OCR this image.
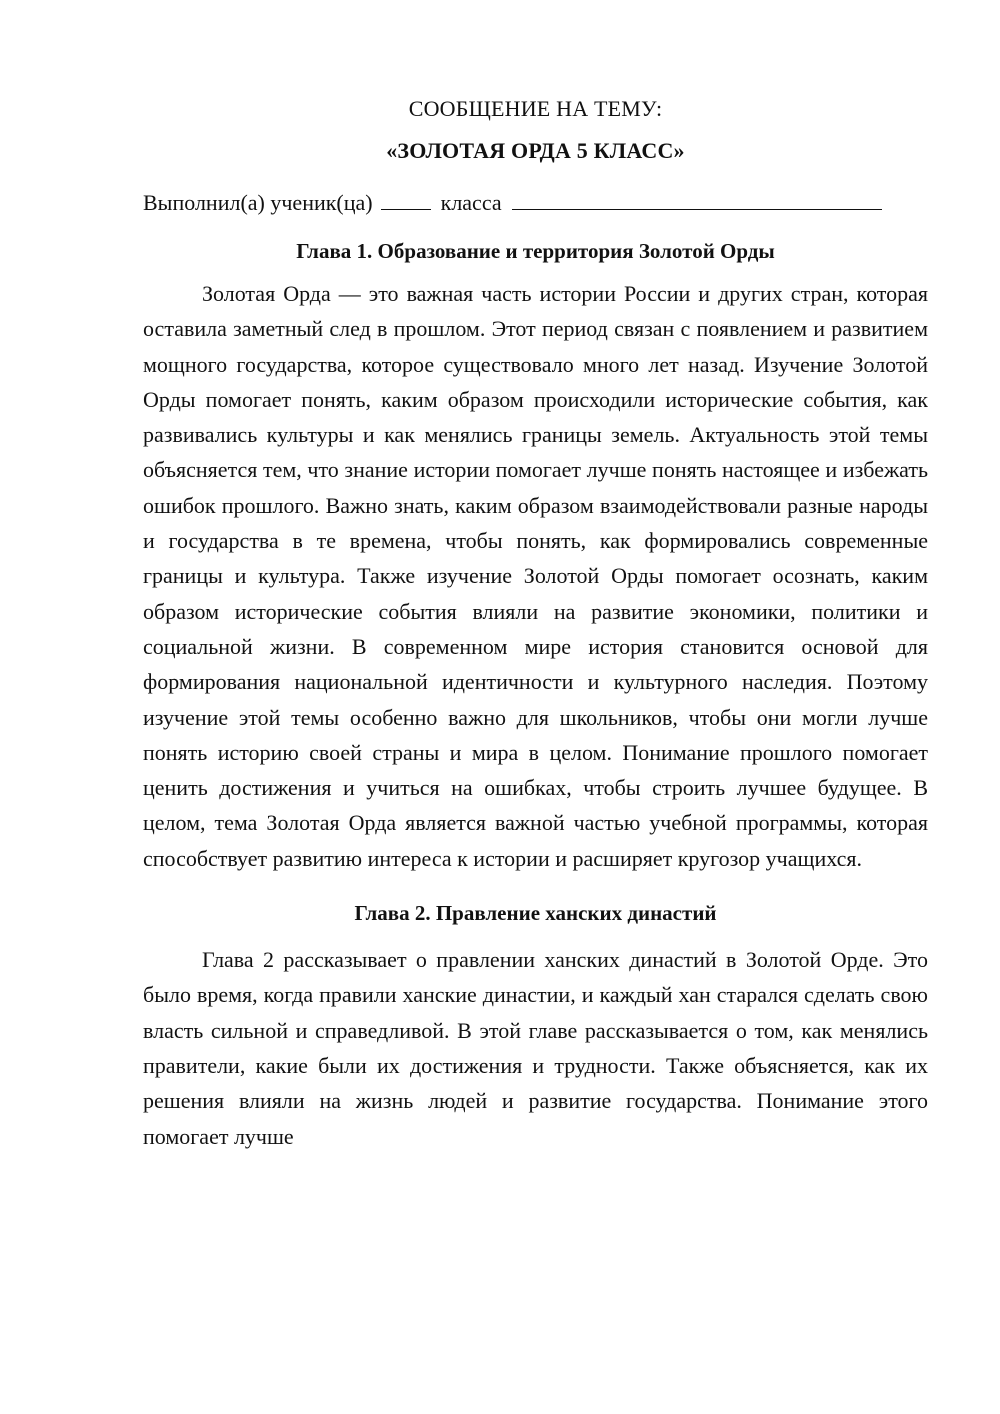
СООБЩЕНИЕ НА ТЕМУ:
«ЗОЛОТАЯ ОРДА 5 КЛАСС»
Выполнил(а) ученик(ца)	класса
Глава 1. Образование и территория Золотой Орды

Золотая Орда — это важная часть истории России и других стран, которая оставила заметный след в прошлом. Этот период связан с появлением и развитием мощного государства, которое существовало много лет назад. Изучение Золотой Орды помогает понять, каким образом происходили исторические события, как развивались культуры и как менялись границы земель. Актуальность этой темы объясняется тем, что знание истории помогает лучше понять настоящее и избежать ошибок прошлого. Важно знать, каким образом взаимодействовали разные народы и государства в те времена, чтобы понять, как формировались современные границы и культура. Также изучение Золотой Орды помогает осознать, каким образом исторические события влияли на развитие экономики, политики и социальной жизни. В современном мире история становится основой для формирования национальной идентичности и культурного наследия. Поэтому изучение этой темы особенно важно для школьников, чтобы они могли лучше понять историю своей страны и мира в целом. Понимание прошлого помогает ценить достижения и учиться на ошибках, чтобы строить лучшее будущее. В целом, тема Золотая Орда является важной частью учебной программы, которая способствует развитию интереса к истории и расширяет кругозор учащихся.

Глава 2. Правление ханских династий

Глава 2 рассказывает о правлении ханских династий в Золотой Орде. Это было время, когда правили ханские династии, и каждый хан старался сделать свою власть сильной и справедливой. В этой главе рассказывается о том, как менялись правители, какие были их достижения и трудности. Также объясняется, как их решения влияли на жизнь людей и развитие государства. Понимание этого помогает лучше
